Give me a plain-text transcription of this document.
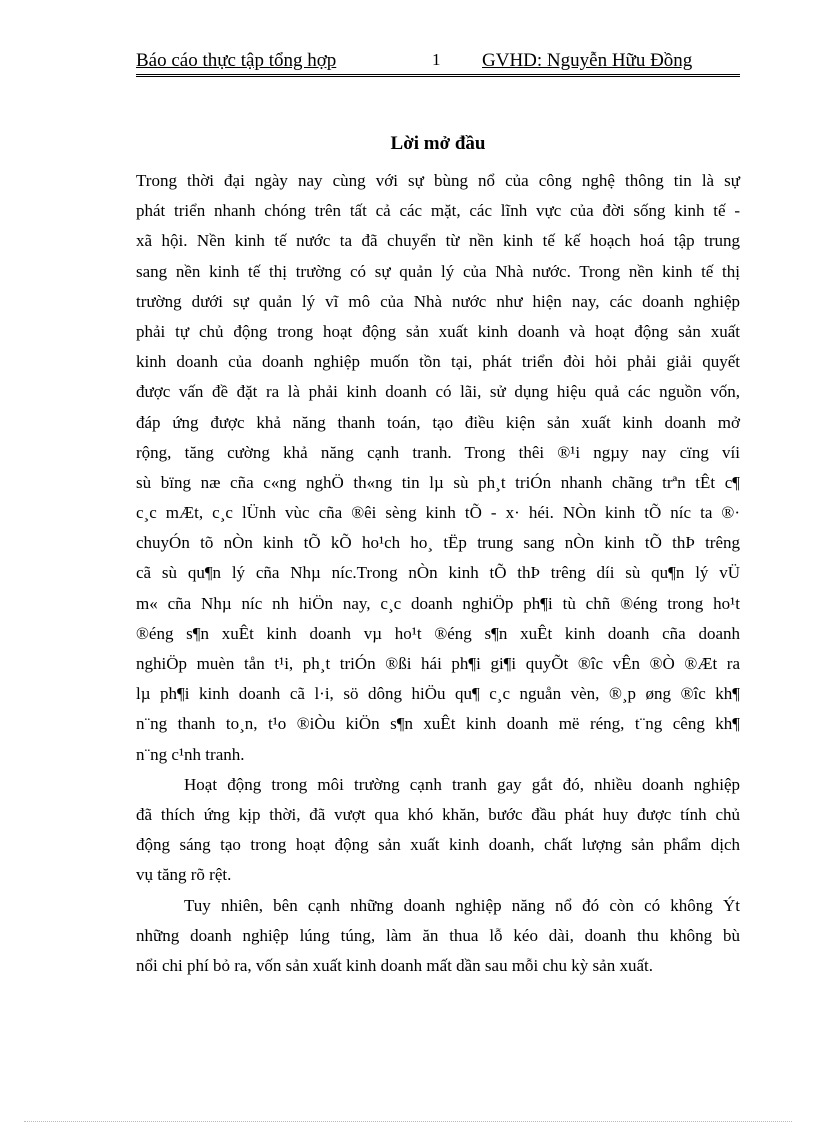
Báo cáo thực tập tổng hợp	1 GVHD: Nguyễn Hữu Đồng
Lời mở đầu
Trong thời đại ngày nay cùng với sự bùng nổ của công nghệ thông tin là sự
phát triển nhanh chóng trên tất cả các mặt, các lĩnh vực của đời sống kinh tế -
xã hội. Nền kinh tế nước ta đã chuyển từ nền kinh tế kế hoạch hoá tập trung
sang nền kinh tế thị trường có sự quản lý của Nhà nước. Trong nền kinh tế thị
trường dưới sự quản lý vĩ mô của Nhà nước như hiện nay, các doanh nghiệp
phải tự chủ động trong hoạt động sản xuất kinh doanh và hoạt động sản xuất
kinh doanh của doanh nghiệp muốn tồn tại, phát triển đòi hỏi phải giải quyết
được vấn đề đặt ra là phải kinh doanh có lãi, sử dụng hiệu quả các nguồn vốn,
đáp ứng được khả năng thanh toán, tạo điều kiện sản xuất kinh doanh mở
rộng, tăng cường khả năng cạnh tranh. Trong thêi ®¹i ngµy nay cïng víi
sù bïng næ cña c«ng nghÖ th«ng tin lµ sù ph¸t triÓn nhanh chãng trªn tÊt c¶
c¸c mÆt, c¸c lÜnh vùc cña ®êi sèng kinh tÕ - x· héi. NÒn kinh tÕ níc ta ®·
chuyÓn tõ nÒn kinh tÕ kÕ ho¹ch ho¸ tËp trung sang nÒn kinh tÕ thÞ trêng
cã sù qu¶n lý cña Nhµ níc.Trong nÒn kinh tÕ thÞ trêng díi sù qu¶n lý vÜ
m« cña Nhµ níc nh hiÖn nay, c¸c doanh nghiÖp ph¶i tù chñ ®éng trong ho¹t
®éng s¶n xuÊt kinh doanh vµ ho¹t ®éng s¶n xuÊt kinh doanh cña doanh
nghiÖp muèn tån t¹i, ph¸t triÓn ®ßi hái ph¶i gi¶i quyÕt ®îc vÊn ®Ò ®Æt ra
lµ ph¶i kinh doanh cã l·i, sö dông hiÖu qu¶ c¸c nguån vèn, ®¸p øng ®îc kh¶
n¨ng thanh to¸n, t¹o ®iÒu kiÖn s¶n xuÊt kinh doanh më réng, t¨ng cêng kh¶
n¨ng c¹nh tranh.
Hoạt động trong môi trường cạnh tranh gay gắt đó, nhiều doanh nghiệp
đã thích ứng kịp thời, đã vượt qua khó khăn, bước đầu phát huy được tính chủ
động sáng tạo trong hoạt động sản xuất kinh doanh, chất lượng sản phẩm dịch
vụ tăng rõ rệt.
Tuy nhiên, bên cạnh những doanh nghiệp năng nổ đó còn có không Ýt
những doanh nghiệp lúng túng, làm ăn thua lỗ kéo dài, doanh thu không bù
nổi chi phí bỏ ra, vốn sản xuất kinh doanh mất dần sau mỗi chu kỳ sản xuất.
